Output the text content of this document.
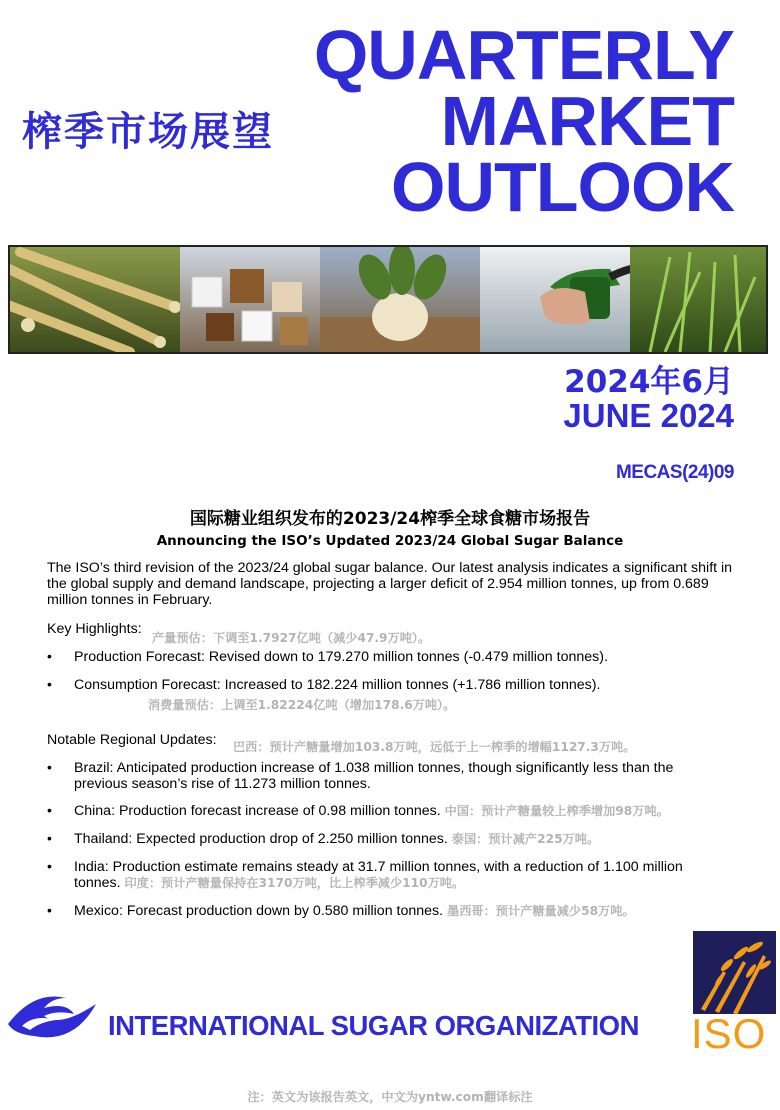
QUARTERLY
MARKET
OUTLOOK
榨季市场展望
2024年6月
JUNE 2024
MECAS(24)09
国际糖业组织发布的2023/24榨季全球食糖市场报告
Announcing the ISO’s Updated 2023/24 Global Sugar Balance
The ISO’s third revision of the 2023/24 global sugar balance. Our latest analysis indicates a significant shift in the global supply and demand landscape, projecting a larger deficit of 2.954 million tonnes, up from 0.689 million tonnes in February.
Key Highlights:
产量预估：下调至1.7927亿吨（减少47.9万吨）。
• Production Forecast: Revised down to 179.270 million tonnes (-0.479 million tonnes).
• Consumption Forecast: Increased to 182.224 million tonnes (+1.786 million tonnes).
消费量预估：上调至1.82224亿吨（增加178.6万吨）。
Notable Regional Updates: 巴西：预计产糖量增加103.8万吨，远低于上一榨季的增幅1127.3万吨。
• Brazil: Anticipated production increase of 1.038 million tonnes, though significantly less than the previous season’s rise of 11.273 million tonnes.
• China: Production forecast increase of 0.98 million tonnes. 中国：预计产糖量较上榨季增加98万吨。
• Thailand: Expected production drop of 2.250 million tonnes. 泰国：预计减产225万吨。
• India: Production estimate remains steady at 31.7 million tonnes, with a reduction of 1.100 million
tonnes. 印度：预计产糖量保持在3170万吨，比上榨季减少110万吨。
• Mexico: Forecast production down by 0.580 million tonnes. 墨西哥：预计产糖量减少58万吨。
INTERNATIONAL SUGAR ORGANIZATION ISO
注：英文为该报告英文，中文为yntw.com翻译标注
